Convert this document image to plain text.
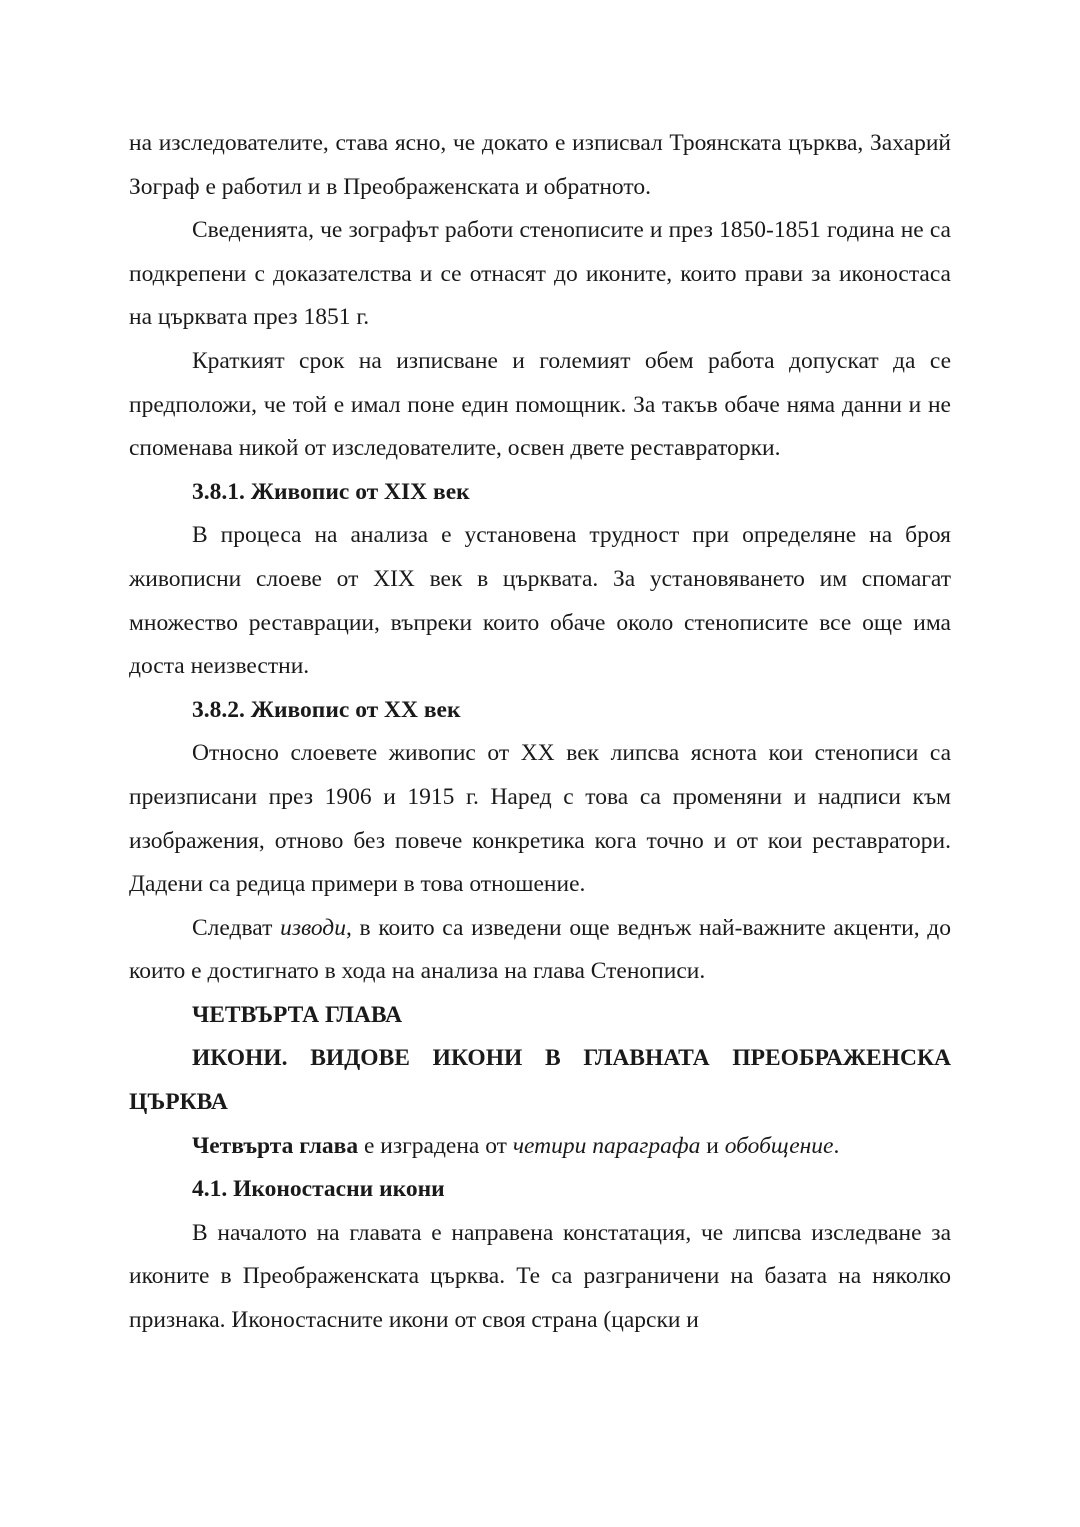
на изследователите, става ясно, че докато е изписвал Троянската църква, Захарий Зограф е работил и в Преображенската и обратното.

Сведенията, че зографът работи стенописите и през 1850-1851 година не са подкрепени с доказателства и се отнасят до иконите, които прави за иконостаса на църквата през 1851 г.

Краткият срок на изписване и големият обем работа допускат да се предположи, че той е имал поне един помощник. За такъв обаче няма данни и не споменава никой от изследователите, освен двете реставраторки.

3.8.1. Живопис от XIX век

В процеса на анализа е установена трудност при определяне на броя живописни слоеве от XIX век в църквата. За установяването им спомагат множество реставрации, въпреки които обаче около стенописите все още има доста неизвестни.

3.8.2. Живопис от XX век

Относно слоевете живопис от XX век липсва яснота кои стенописи са преизписани през 1906 и 1915 г. Наред с това са променяни и надписи към изображения, отново без повече конкретика кога точно и от кои реставратори. Дадени са редица примери в това отношение.

Следват изводи, в които са изведени още веднъж най-важните акценти, до които е достигнато в хода на анализа на глава Стенописи.

ЧЕТВЪРТА ГЛАВА

ИКОНИ. ВИДОВЕ ИКОНИ В ГЛАВНАТА ПРЕОБРАЖЕНСКА ЦЪРКВА

Четвърта глава е изградена от четири параграфа и обобщение.

4.1. Иконостасни икони

В началото на главата е направена констатация, че липсва изследване за иконите в Преображенската църква. Те са разграничени на базата на няколко признака. Иконостасните икони от своя страна (царски и
